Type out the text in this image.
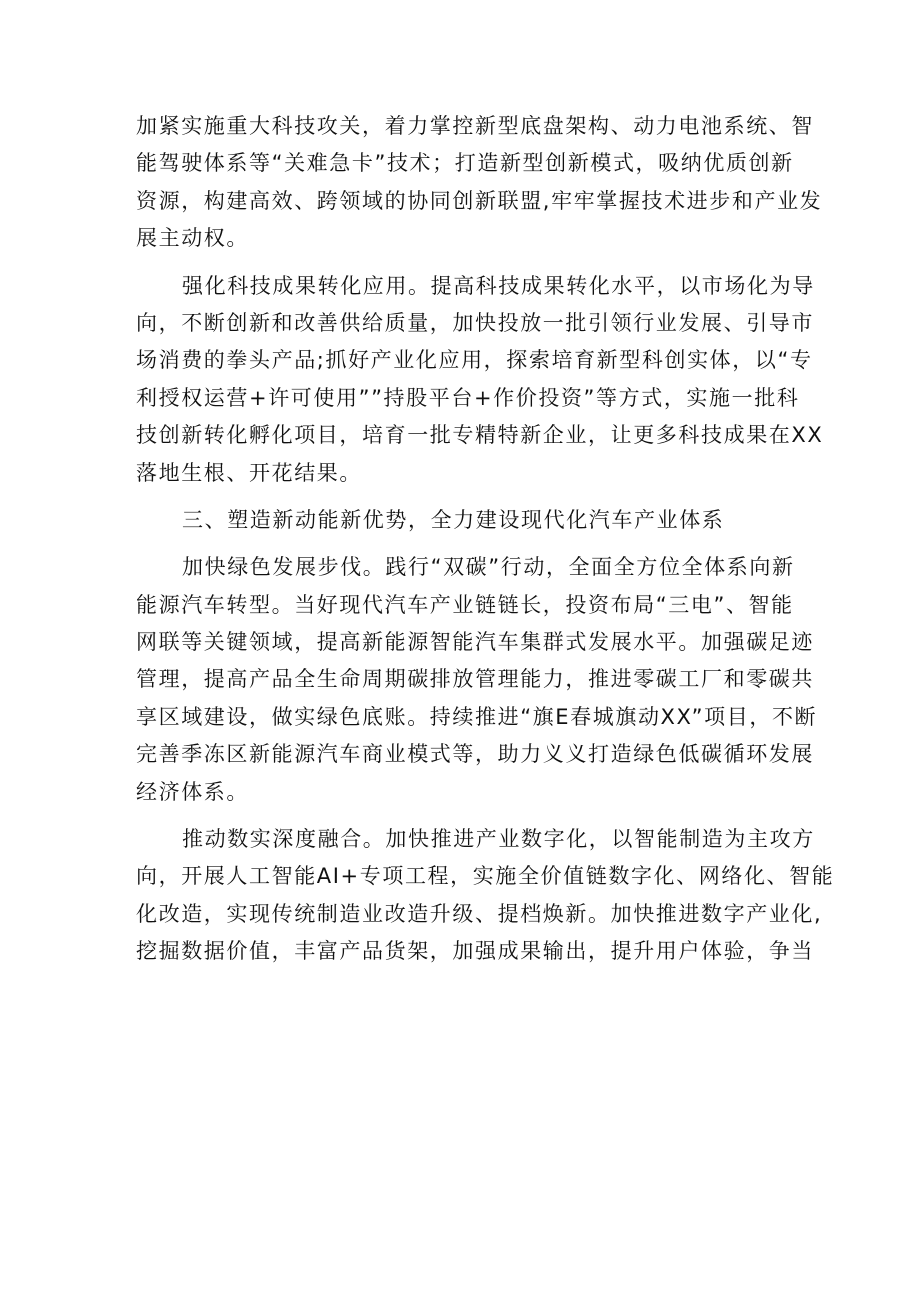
加紧实施重大科技攻关，着力掌控新型底盘架构、动力电池系统、智
能驾驶体系等“关难急卡”技术；打造新型创新模式，吸纳优质创新
资源，构建高效、跨领域的协同创新联盟,牢牢掌握技术进步和产业发
展主动权。
强化科技成果转化应用。提高科技成果转化水平，以市场化为导
向，不断创新和改善供给质量，加快投放一批引领行业发展、引导市
场消费的拳头产品;抓好产业化应用，探索培育新型科创实体，以“专
利授权运营+许可使用””持股平台+作价投资”等方式，实施一批科
技创新转化孵化项目，培育一批专精特新企业，让更多科技成果在XX
落地生根、开花结果。
三、塑造新动能新优势，全力建设现代化汽车产业体系
加快绿色发展步伐。践行“双碳”行动，全面全方位全体系向新
能源汽车转型。当好现代汽车产业链链长，投资布局“三电”、智能
网联等关键领域，提高新能源智能汽车集群式发展水平。加强碳足迹
管理，提高产品全生命周期碳排放管理能力，推进零碳工厂和零碳共
享区域建设，做实绿色底账。持续推进“旗E春城旗动XX”项目，不断
完善季冻区新能源汽车商业模式等，助力义义打造绿色低碳循环发展
经济体系。
推动数实深度融合。加快推进产业数字化，以智能制造为主攻方
向，开展人工智能AI+专项工程，实施全价值链数字化、网络化、智能
化改造，实现传统制造业改造升级、提档焕新。加快推进数字产业化,
挖掘数据价值，丰富产品货架，加强成果输出，提升用户体验，争当
